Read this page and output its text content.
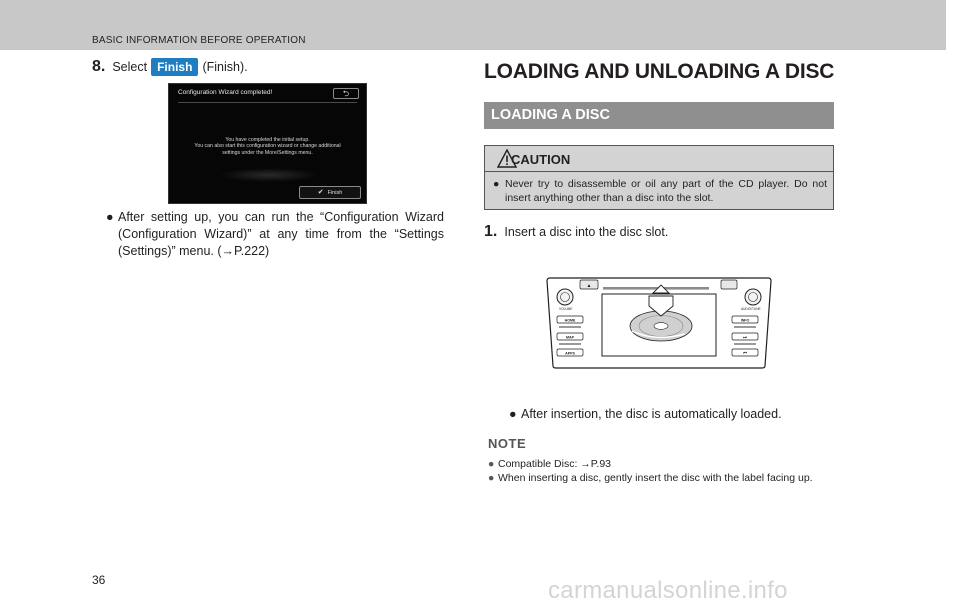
BASIC INFORMATION BEFORE OPERATION
8. Select Finish (Finish).
Configuration Wizard completed!	⮌
You have completed the initial setup.
You can also start this configuration wizard or change additional
settings under the More/Settings menu.
✔ Finish
● After setting up, you can run the “Configuration Wizard (Configuration Wizard)” at any time from the “Settings (Settings)” menu. (→P.222)
LOADING AND UNLOADING A DISC
LOADING A DISC
CAUTION
● Never try to disassemble or oil any part of the CD player. Do not insert anything other than a disc into the slot.
1. Insert a disc into the disc slot.
▲
VOLUME	AUDIO/TUNE
HOME
MAP
APPS
INFO
⏭
⏮
● After insertion, the disc is automatically loaded.
NOTE
● Compatible Disc: →P.93
● When inserting a disc, gently insert the disc with the label facing up.
36	carmanualsonline.info
